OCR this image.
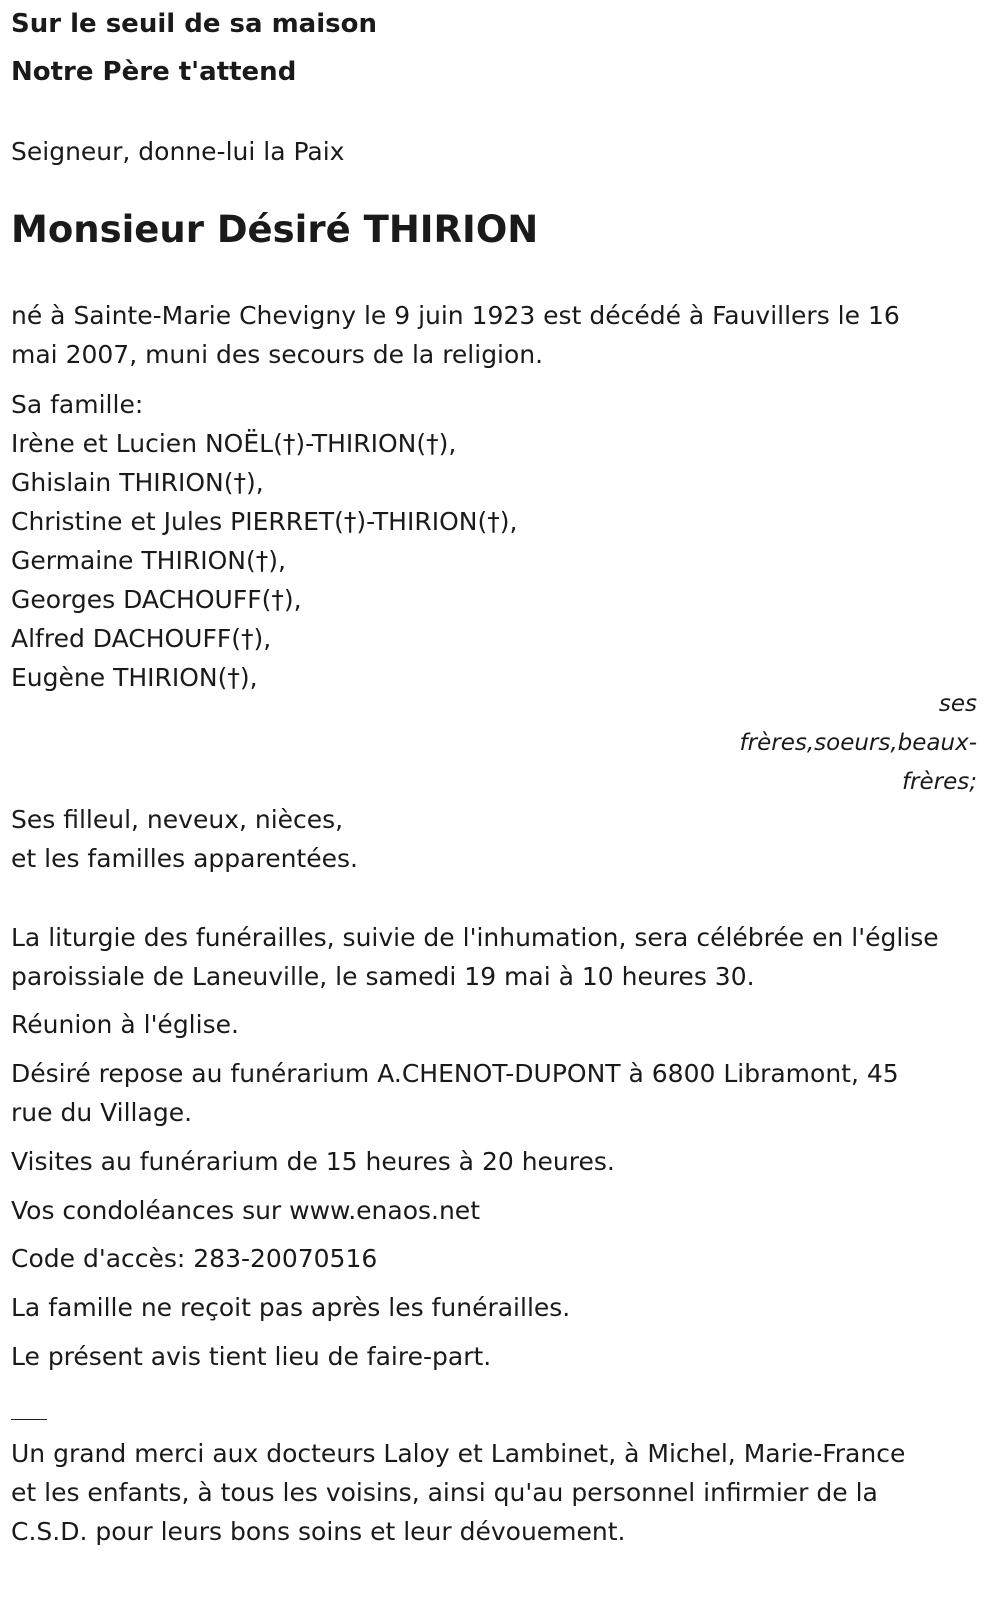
Sur le seuil de sa maison
Notre Père t'attend
Seigneur, donne-lui la Paix
Monsieur Désiré THIRION
né à Sainte-Marie Chevigny le 9 juin 1923 est décédé à Fauvillers le 16
mai 2007, muni des secours de la religion.
Sa famille:
Irène et Lucien NOËL(†)-THIRION(†),
Ghislain THIRION(†),
Christine et Jules PIERRET(†)-THIRION(†),
Germaine THIRION(†),
Georges DACHOUFF(†),
Alfred DACHOUFF(†),
Eugène THIRION(†),
ses
frères,soeurs,beaux-
frères;
Ses filleul, neveux, nièces,
et les familles apparentées.
La liturgie des funérailles, suivie de l'inhumation, sera célébrée en l'église
paroissiale de Laneuville, le samedi 19 mai à 10 heures 30.
Réunion à l'église.
Désiré repose au funérarium A.CHENOT-DUPONT à 6800 Libramont, 45
rue du Village.
Visites au funérarium de 15 heures à 20 heures.
Vos condoléances sur www.enaos.net
Code d'accès: 283-20070516
La famille ne reçoit pas après les funérailles.
Le présent avis tient lieu de faire-part.
Un grand merci aux docteurs Laloy et Lambinet, à Michel, Marie-France
et les enfants, à tous les voisins, ainsi qu'au personnel infirmier de la
C.S.D. pour leurs bons soins et leur dévouement.
